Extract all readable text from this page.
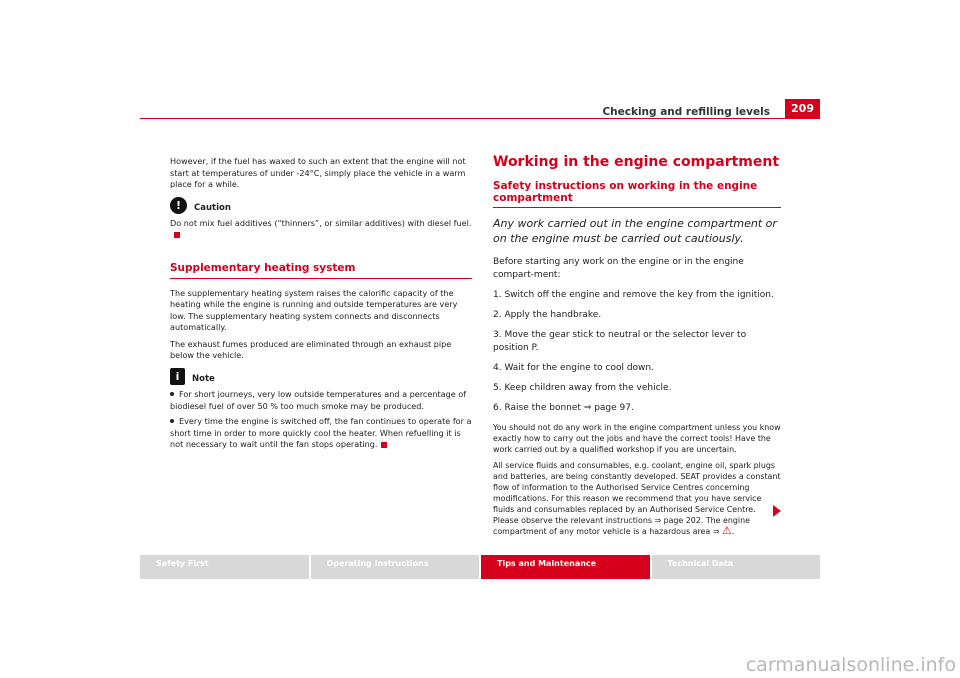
Checking and refilling levels	209

However, if the fuel has waxed to such an extent that the engine will not start at temperatures of under -24°C, simply place the vehicle in a warm place for a while.

!	Caution

Do not mix fuel additives (“thinners”, or similar additives) with diesel fuel.

Supplementary heating system

The supplementary heating system raises the calorific capacity of the heating while the engine is running and outside temperatures are very low. The supplementary heating system connects and disconnects automatically.

The exhaust fumes produced are eliminated through an exhaust pipe below the vehicle.

i	Note

For short journeys, very low outside temperatures and a percentage of biodiesel fuel of over 50 % too much smoke may be produced.

Every time the engine is switched off, the fan continues to operate for a short time in order to more quickly cool the heater. When refuelling it is not necessary to wait until the fan stops operating.

Working in the engine compartment
Safety instructions on working in the engine compartment
Any work carried out in the engine compartment or on the engine must be carried out cautiously.

Before starting any work on the engine or in the engine compart-ment:

1. Switch off the engine and remove the key from the ignition.
2. Apply the handbrake.
3. Move the gear stick to neutral or the selector lever to position P.
4. Wait for the engine to cool down.
5. Keep children away from the vehicle.
6. Raise the bonnet ⇒ page 97.

You should not do any work in the engine compartment unless you know exactly how to carry out the jobs and have the correct tools! Have the work carried out by a qualified workshop if you are uncertain.

All service fluids and consumables, e.g. coolant, engine oil, spark plugs and batteries, are being constantly developed. SEAT provides a constant flow of information to the Authorised Service Centres concerning modifications. For this reason we recommend that you have service fluids and consumables replaced by an Authorised Service Centre. Please observe the relevant instructions ⇒ page 202. The engine compartment of any motor vehicle is a hazardous area ⇒ ⚠.

Safety First	Operating instructions	Tips and Maintenance	Technical Data
carmanualsonline.info
